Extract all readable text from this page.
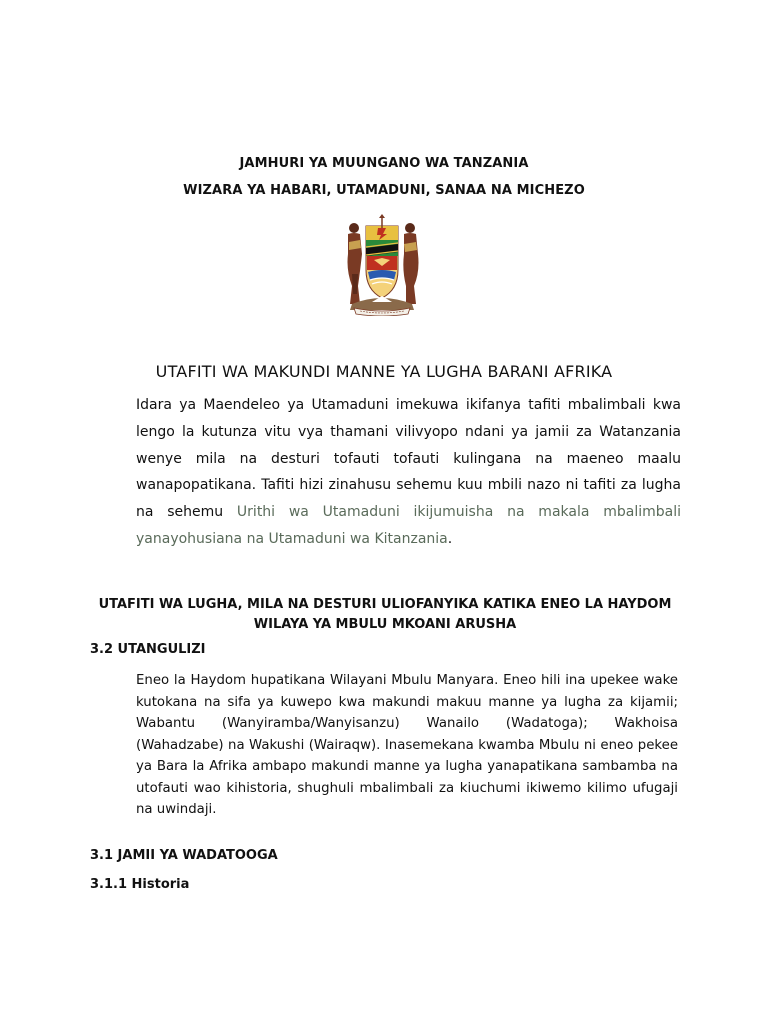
JAMHURI YA MUUNGANO WA TANZANIA
WIZARA YA HABARI, UTAMADUNI, SANAA NA MICHEZO
UTAFITI WA MAKUNDI MANNE YA LUGHA BARANI AFRIKA
Idara ya Maendeleo ya Utamaduni imekuwa ikifanya tafiti mbalimbali kwa lengo la kutunza vitu vya thamani vilivyopo ndani ya jamii za Watanzania wenye mila na desturi tofauti tofauti kulingana na maeneo maalu wanapopatikana. Tafiti hizi zinahusu sehemu kuu mbili nazo ni tafiti za lugha na sehemu Urithi wa Utamaduni ikijumuisha na makala mbalimbali yanayohusiana na Utamaduni wa Kitanzania.
UTAFITI WA LUGHA, MILA NA DESTURI ULIOFANYIKA KATIKA ENEO LA HAYDOM WILAYA YA MBULU MKOANI ARUSHA
3.2 UTANGULIZI
Eneo la Haydom hupatikana Wilayani Mbulu Manyara. Eneo hili ina upekee wake kutokana na sifa ya kuwepo kwa makundi makuu manne ya lugha za kijamii; Wabantu (Wanyiramba/Wanyisanzu) Wanailo (Wadatoga); Wakhoisa (Wahadzabe) na Wakushi (Wairaqw). Inasemekana kwamba Mbulu ni eneo pekee ya Bara la Afrika ambapo makundi manne ya lugha yanapatikana sambamba na utofauti wao kihistoria, shughuli mbalimbali za kiuchumi ikiwemo kilimo ufugaji na uwindaji.
3.1 JAMII YA WADATOOGA
3.1.1 Historia
